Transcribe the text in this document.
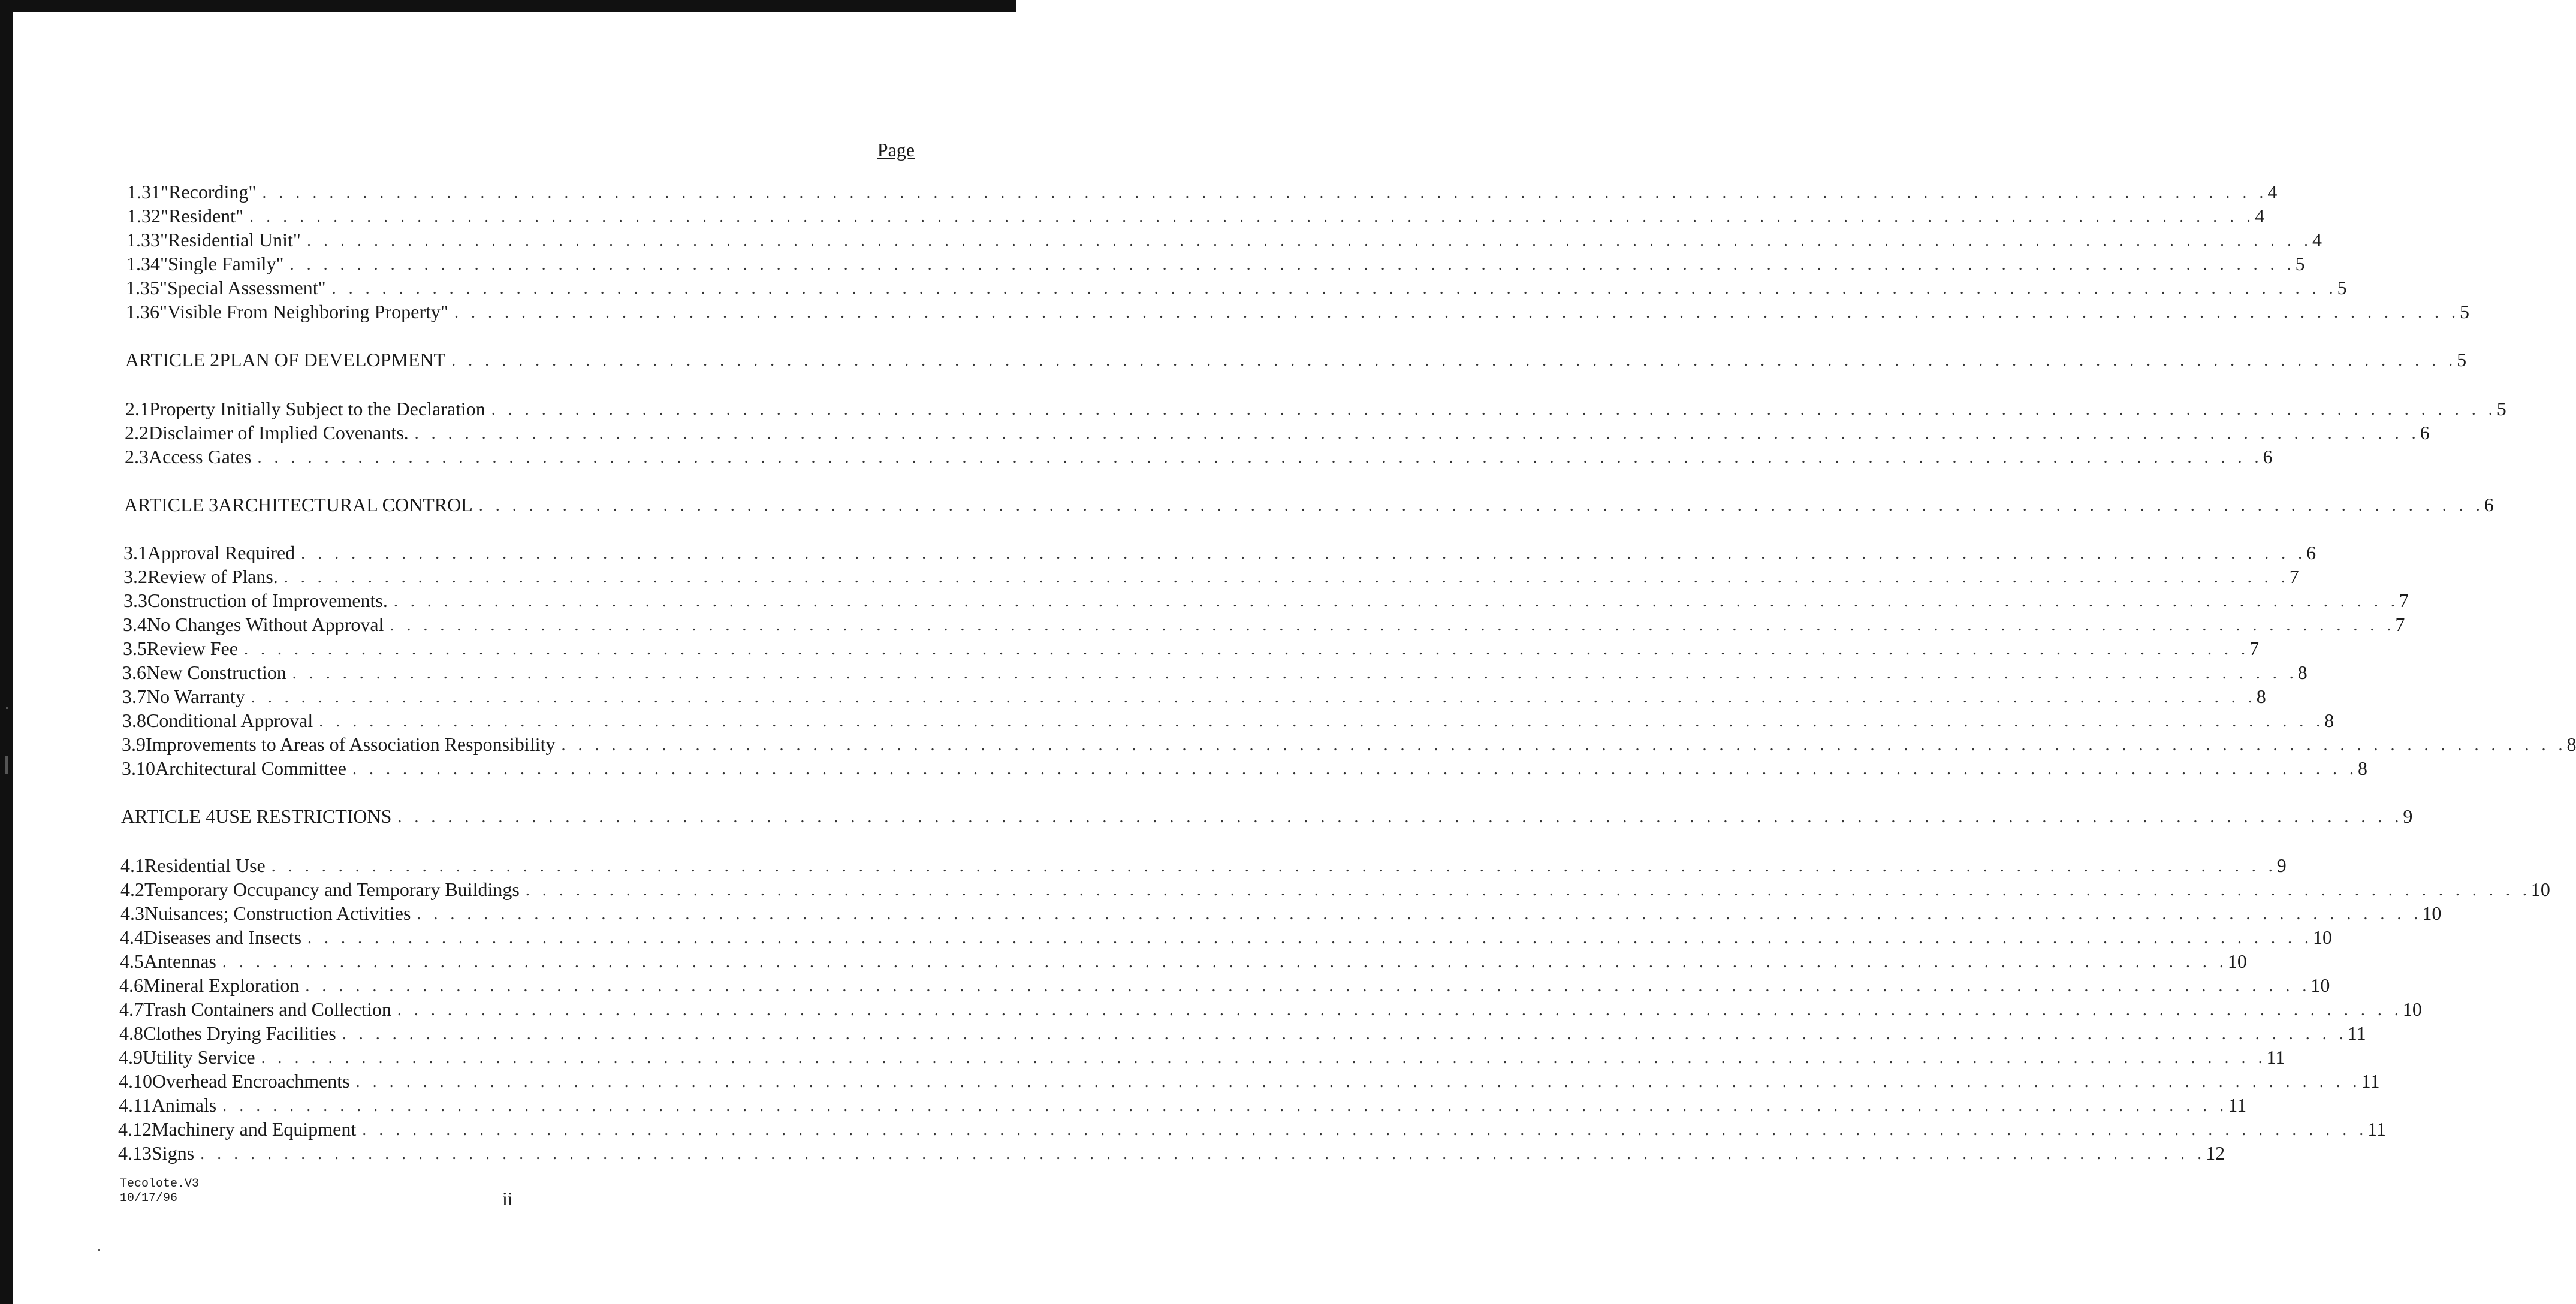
Page
1.31 "Recording" . . . . . . . . . . . . . . . . . . . . . . . . . . . . . . . . . . . . . . . . . . . . . . . . . . . . . . . . . . . . . . . . . . . . . . . . . . . . . . . . . . . . . . . . . . . . . . . . . . . . . . . . . . . . . . . . . . . . . . . . 4
1.32 "Resident" . . . . . . . . . . . . . . . . . . . . . . . . . . . . . . . . . . . . . . . . . . . . . . . . . . . . . . . . . . . . . . . . . . . . . . . . . . . . . . . . . . . . . . . . . . . . . . . . . . . . . . . . . . . . . . . . . . . . . . . . 4
1.33 "Residential Unit" . . . . . . . . . . . . . . . . . . . . . . . . . . . . . . . . . . . . . . . . . . . . . . . . . . . . . . . . . . . . . . . . . . . . . . . . . . . . . . . . . . . . . . . . . . . . . . . . . . . . . . . . . . . . . . . . . . . . . . . . 4
1.34 "Single Family" . . . . . . . . . . . . . . . . . . . . . . . . . . . . . . . . . . . . . . . . . . . . . . . . . . . . . . . . . . . . . . . . . . . . . . . . . . . . . . . . . . . . . . . . . . . . . . . . . . . . . . . . . . . . . . . . . . . . . . . . 5
1.35 "Special Assessment" . . . . . . . . . . . . . . . . . . . . . . . . . . . . . . . . . . . . . . . . . . . . . . . . . . . . . . . . . . . . . . . . . . . . . . . . . . . . . . . . . . . . . . . . . . . . . . . . . . . . . . . . . . . . . . . . . . . . . . . . 5
1.36 "Visible From Neighboring Property" . . . . . . . . . . . . . . . . . . . . . . . . . . . . . . . . . . . . . . . . . . . . . . . . . . . . . . . . . . . . . . . . . . . . . . . . . . . . . . . . . . . . . . . . . . . . . . . . . . . . . . . . . . . . . . . . . . . . . . . . 5
ARTICLE 2 PLAN OF DEVELOPMENT . . . . . . . . . . . . . . . . . . . . . . . . . . . . . . . . . . . . . . . . . . . . . . . . . . . . . . . . . . . . . . . . . . . . . . . . . . . . . . . . . . . . . . . . . . . . . . . . . . . . . . . . . . . . . . . . . . . . . . . . 5
2.1 Property Initially Subject to the Declaration . . . . . . . . . . . . . . . . . . . . . . . . . . . . . . . . . . . . . . . . . . . . . . . . . . . . . . . . . . . . . . . . . . . . . . . . . . . . . . . . . . . . . . . . . . . . . . . . . . . . . . . . . . . . . . . . . . . . . . . . 5
2.2 Disclaimer of Implied Covenants. . . . . . . . . . . . . . . . . . . . . . . . . . . . . . . . . . . . . . . . . . . . . . . . . . . . . . . . . . . . . . . . . . . . . . . . . . . . . . . . . . . . . . . . . . . . . . . . . . . . . . . . . . . . . . . . . . . . . . . . . 6
2.3 Access Gates . . . . . . . . . . . . . . . . . . . . . . . . . . . . . . . . . . . . . . . . . . . . . . . . . . . . . . . . . . . . . . . . . . . . . . . . . . . . . . . . . . . . . . . . . . . . . . . . . . . . . . . . . . . . . . . . . . . . . . . . 6
ARTICLE 3 ARCHITECTURAL CONTROL . . . . . . . . . . . . . . . . . . . . . . . . . . . . . . . . . . . . . . . . . . . . . . . . . . . . . . . . . . . . . . . . . . . . . . . . . . . . . . . . . . . . . . . . . . . . . . . . . . . . . . . . . . . . . . . . . . . . . . . . 6
3.1 Approval Required . . . . . . . . . . . . . . . . . . . . . . . . . . . . . . . . . . . . . . . . . . . . . . . . . . . . . . . . . . . . . . . . . . . . . . . . . . . . . . . . . . . . . . . . . . . . . . . . . . . . . . . . . . . . . . . . . . . . . . . . 6
3.2 Review of Plans. . . . . . . . . . . . . . . . . . . . . . . . . . . . . . . . . . . . . . . . . . . . . . . . . . . . . . . . . . . . . . . . . . . . . . . . . . . . . . . . . . . . . . . . . . . . . . . . . . . . . . . . . . . . . . . . . . . . . . . . . 7
3.3 Construction of Improvements. . . . . . . . . . . . . . . . . . . . . . . . . . . . . . . . . . . . . . . . . . . . . . . . . . . . . . . . . . . . . . . . . . . . . . . . . . . . . . . . . . . . . . . . . . . . . . . . . . . . . . . . . . . . . . . . . . . . . . . . . 7
3.4 No Changes Without Approval . . . . . . . . . . . . . . . . . . . . . . . . . . . . . . . . . . . . . . . . . . . . . . . . . . . . . . . . . . . . . . . . . . . . . . . . . . . . . . . . . . . . . . . . . . . . . . . . . . . . . . . . . . . . . . . . . . . . . . . . 7
3.5 Review Fee . . . . . . . . . . . . . . . . . . . . . . . . . . . . . . . . . . . . . . . . . . . . . . . . . . . . . . . . . . . . . . . . . . . . . . . . . . . . . . . . . . . . . . . . . . . . . . . . . . . . . . . . . . . . . . . . . . . . . . . . 7
3.6 New Construction . . . . . . . . . . . . . . . . . . . . . . . . . . . . . . . . . . . . . . . . . . . . . . . . . . . . . . . . . . . . . . . . . . . . . . . . . . . . . . . . . . . . . . . . . . . . . . . . . . . . . . . . . . . . . . . . . . . . . . . . 8
3.7 No Warranty . . . . . . . . . . . . . . . . . . . . . . . . . . . . . . . . . . . . . . . . . . . . . . . . . . . . . . . . . . . . . . . . . . . . . . . . . . . . . . . . . . . . . . . . . . . . . . . . . . . . . . . . . . . . . . . . . . . . . . . . 8
3.8 Conditional Approval . . . . . . . . . . . . . . . . . . . . . . . . . . . . . . . . . . . . . . . . . . . . . . . . . . . . . . . . . . . . . . . . . . . . . . . . . . . . . . . . . . . . . . . . . . . . . . . . . . . . . . . . . . . . . . . . . . . . . . . . 8
3.9 Improvements to Areas of Association Responsibility . . . . . . . . . . . . . . . . . . . . . . . . . . . . . . . . . . . . . . . . . . . . . . . . . . . . . . . . . . . . . . . . . . . . . . . . . . . . . . . . . . . . . . . . . . . . . . . . . . . . . . . . . . . . . . . . . . . . . . . . 8
3.10 Architectural Committee . . . . . . . . . . . . . . . . . . . . . . . . . . . . . . . . . . . . . . . . . . . . . . . . . . . . . . . . . . . . . . . . . . . . . . . . . . . . . . . . . . . . . . . . . . . . . . . . . . . . . . . . . . . . . . . . . . . . . . . . 8
ARTICLE 4 USE RESTRICTIONS . . . . . . . . . . . . . . . . . . . . . . . . . . . . . . . . . . . . . . . . . . . . . . . . . . . . . . . . . . . . . . . . . . . . . . . . . . . . . . . . . . . . . . . . . . . . . . . . . . . . . . . . . . . . . . . . . . . . . . . . 9
4.1 Residential Use . . . . . . . . . . . . . . . . . . . . . . . . . . . . . . . . . . . . . . . . . . . . . . . . . . . . . . . . . . . . . . . . . . . . . . . . . . . . . . . . . . . . . . . . . . . . . . . . . . . . . . . . . . . . . . . . . . . . . . . . 9
4.2 Temporary Occupancy and Temporary Buildings . . . . . . . . . . . . . . . . . . . . . . . . . . . . . . . . . . . . . . . . . . . . . . . . . . . . . . . . . . . . . . . . . . . . . . . . . . . . . . . . . . . . . . . . . . . . . . . . . . . . . . . . . . . . . . . . . . . . . . . . 10
4.3 Nuisances; Construction Activities . . . . . . . . . . . . . . . . . . . . . . . . . . . . . . . . . . . . . . . . . . . . . . . . . . . . . . . . . . . . . . . . . . . . . . . . . . . . . . . . . . . . . . . . . . . . . . . . . . . . . . . . . . . . . . . . . . . . . . . . 10
4.4 Diseases and Insects . . . . . . . . . . . . . . . . . . . . . . . . . . . . . . . . . . . . . . . . . . . . . . . . . . . . . . . . . . . . . . . . . . . . . . . . . . . . . . . . . . . . . . . . . . . . . . . . . . . . . . . . . . . . . . . . . . . . . . . . 10
4.5 Antennas . . . . . . . . . . . . . . . . . . . . . . . . . . . . . . . . . . . . . . . . . . . . . . . . . . . . . . . . . . . . . . . . . . . . . . . . . . . . . . . . . . . . . . . . . . . . . . . . . . . . . . . . . . . . . . . . . . . . . . . . 10
4.6 Mineral Exploration . . . . . . . . . . . . . . . . . . . . . . . . . . . . . . . . . . . . . . . . . . . . . . . . . . . . . . . . . . . . . . . . . . . . . . . . . . . . . . . . . . . . . . . . . . . . . . . . . . . . . . . . . . . . . . . . . . . . . . . . 10
4.7 Trash Containers and Collection . . . . . . . . . . . . . . . . . . . . . . . . . . . . . . . . . . . . . . . . . . . . . . . . . . . . . . . . . . . . . . . . . . . . . . . . . . . . . . . . . . . . . . . . . . . . . . . . . . . . . . . . . . . . . . . . . . . . . . . . 10
4.8 Clothes Drying Facilities . . . . . . . . . . . . . . . . . . . . . . . . . . . . . . . . . . . . . . . . . . . . . . . . . . . . . . . . . . . . . . . . . . . . . . . . . . . . . . . . . . . . . . . . . . . . . . . . . . . . . . . . . . . . . . . . . . . . . . . . 11
4.9 Utility Service . . . . . . . . . . . . . . . . . . . . . . . . . . . . . . . . . . . . . . . . . . . . . . . . . . . . . . . . . . . . . . . . . . . . . . . . . . . . . . . . . . . . . . . . . . . . . . . . . . . . . . . . . . . . . . . . . . . . . . . . 11
4.10 Overhead Encroachments . . . . . . . . . . . . . . . . . . . . . . . . . . . . . . . . . . . . . . . . . . . . . . . . . . . . . . . . . . . . . . . . . . . . . . . . . . . . . . . . . . . . . . . . . . . . . . . . . . . . . . . . . . . . . . . . . . . . . . . . 11
4.11 Animals . . . . . . . . . . . . . . . . . . . . . . . . . . . . . . . . . . . . . . . . . . . . . . . . . . . . . . . . . . . . . . . . . . . . . . . . . . . . . . . . . . . . . . . . . . . . . . . . . . . . . . . . . . . . . . . . . . . . . . . . 11
4.12 Machinery and Equipment . . . . . . . . . . . . . . . . . . . . . . . . . . . . . . . . . . . . . . . . . . . . . . . . . . . . . . . . . . . . . . . . . . . . . . . . . . . . . . . . . . . . . . . . . . . . . . . . . . . . . . . . . . . . . . . . . . . . . . . . 11
4.13 Signs . . . . . . . . . . . . . . . . . . . . . . . . . . . . . . . . . . . . . . . . . . . . . . . . . . . . . . . . . . . . . . . . . . . . . . . . . . . . . . . . . . . . . . . . . . . . . . . . . . . . . . . . . . . . . . . . . . . . . . . . 12
Tecolote.V3
10/17/96	ii
